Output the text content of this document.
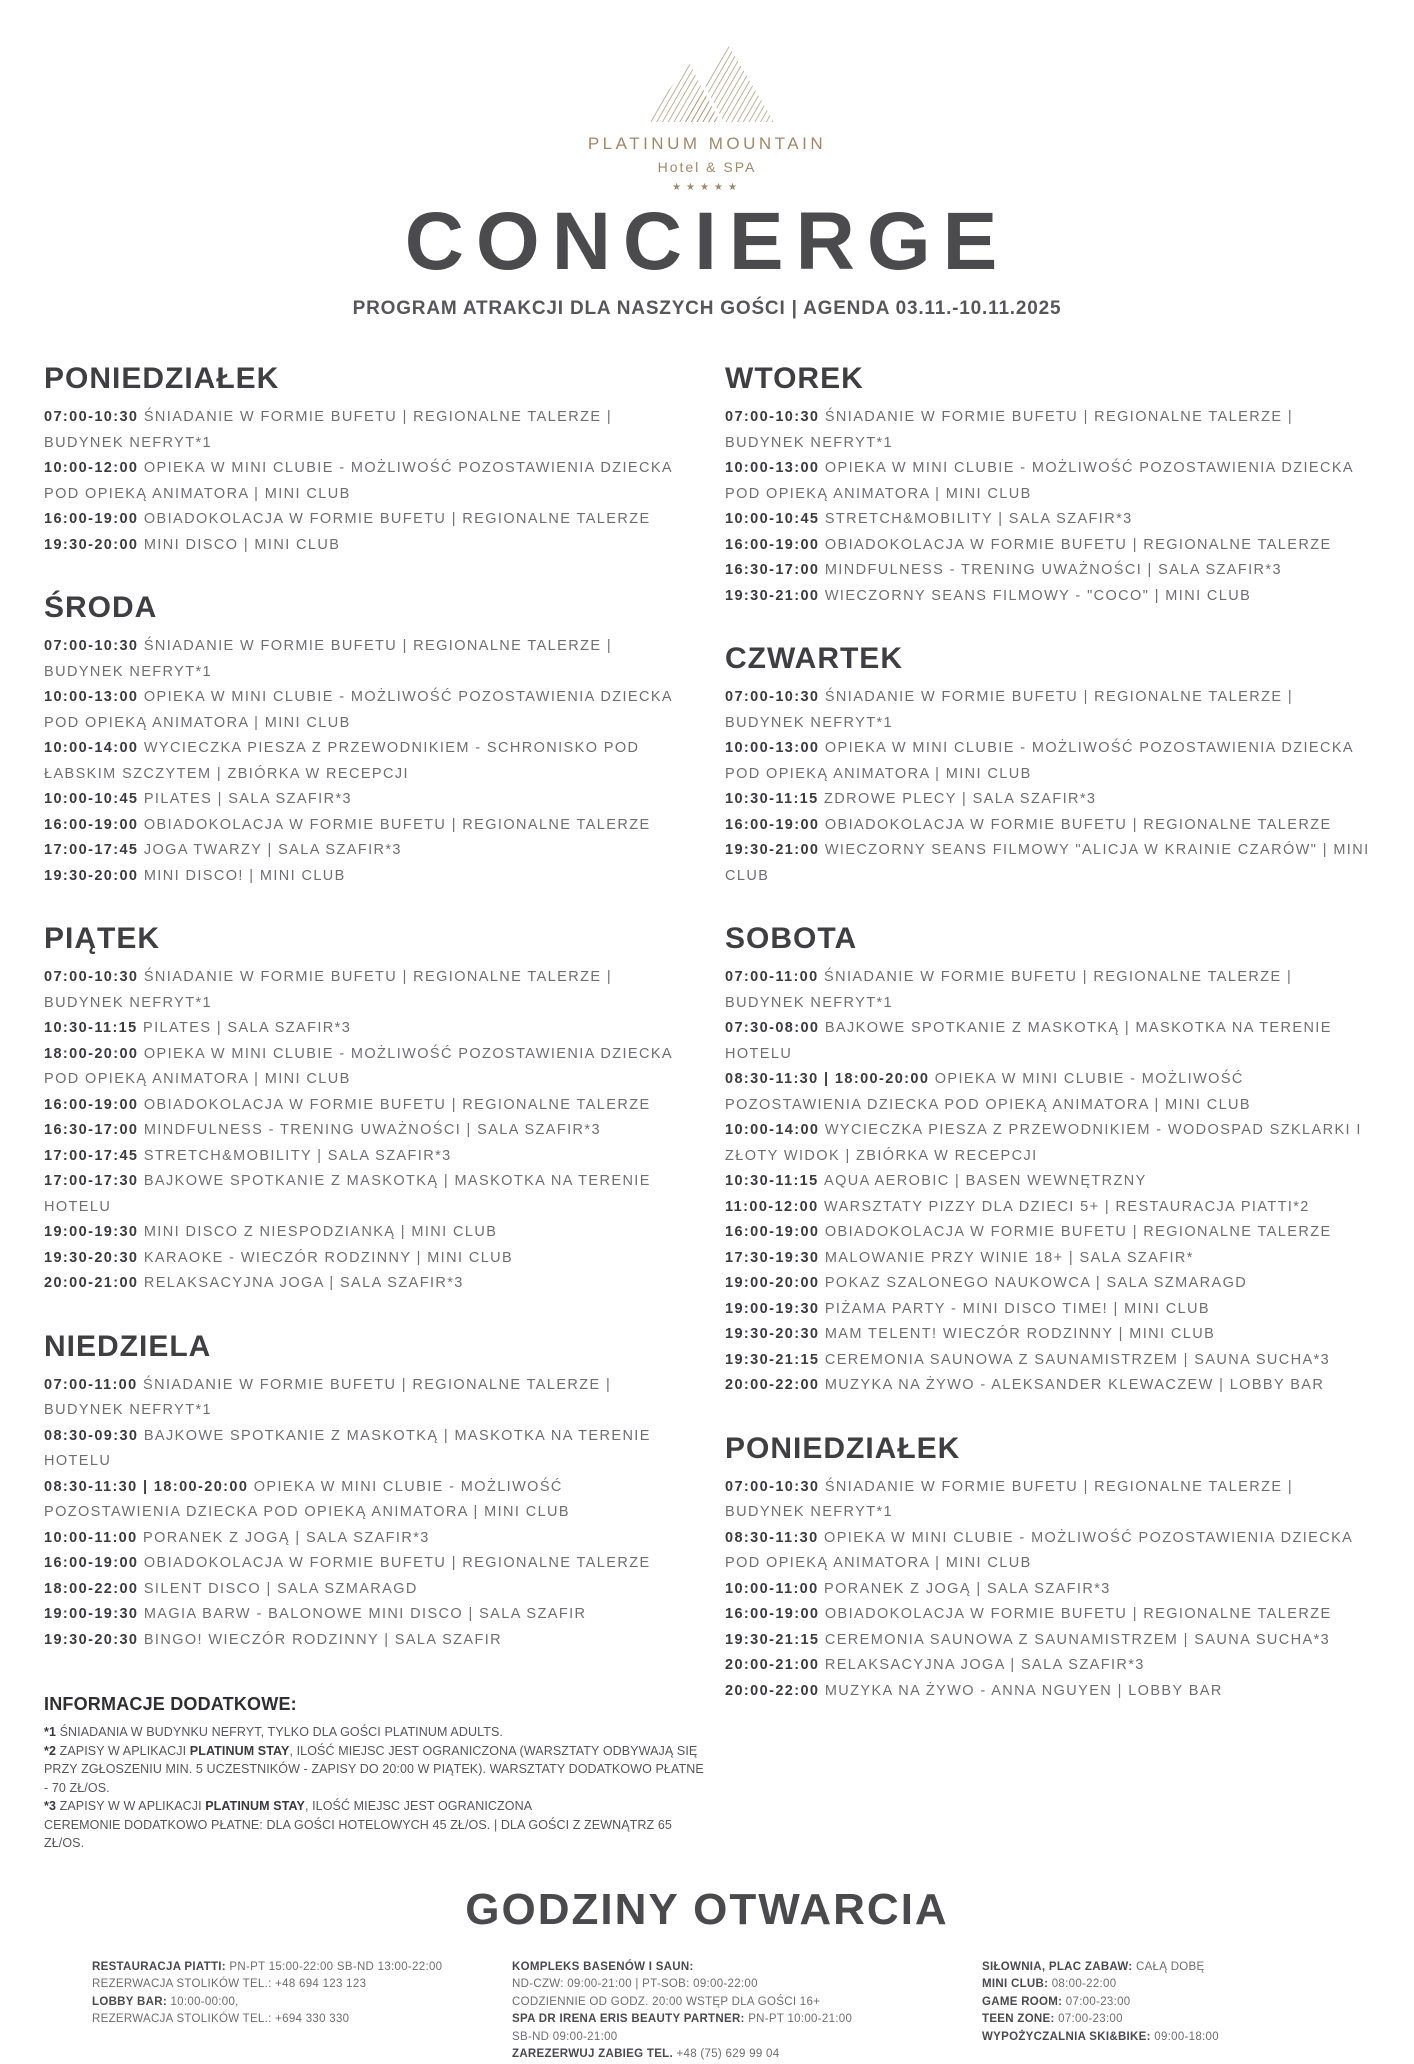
PLATINUM MOUNTAIN
Hotel & SPA
★★★★★
CONCIERGE

PROGRAM ATRAKCJI DLA NASZYCH GOŚCI | AGENDA 03.11.-10.11.2025

PONIEDZIAŁEK

07:00-10:30 ŚNIADANIE W FORMIE BUFETU | REGIONALNE TALERZE | BUDYNEK NEFRYT*1

10:00-12:00 OPIEKA W MINI CLUBIE - MOŻLIWOŚĆ POZOSTAWIENIA DZIECKA POD OPIEKĄ ANIMATORA | MINI CLUB

16:00-19:00 OBIADOKOLACJA W FORMIE BUFETU | REGIONALNE TALERZE

19:30-20:00 MINI DISCO | MINI CLUB

ŚRODA

07:00-10:30 ŚNIADANIE W FORMIE BUFETU | REGIONALNE TALERZE | BUDYNEK NEFRYT*1

10:00-13:00 OPIEKA W MINI CLUBIE - MOŻLIWOŚĆ POZOSTAWIENIA DZIECKA POD OPIEKĄ ANIMATORA | MINI CLUB

10:00-14:00 WYCIECZKA PIESZA Z PRZEWODNIKIEM - SCHRONISKO POD ŁABSKIM SZCZYTEM | ZBIÓRKA W RECEPCJI

10:00-10:45 PILATES | SALA SZAFIR*3

16:00-19:00 OBIADOKOLACJA W FORMIE BUFETU | REGIONALNE TALERZE

17:00-17:45 JOGA TWARZY | SALA SZAFIR*3

19:30-20:00 MINI DISCO! | MINI CLUB

PIĄTEK

07:00-10:30 ŚNIADANIE W FORMIE BUFETU | REGIONALNE TALERZE | BUDYNEK NEFRYT*1

10:30-11:15 PILATES | SALA SZAFIR*3

18:00-20:00 OPIEKA W MINI CLUBIE - MOŻLIWOŚĆ POZOSTAWIENIA DZIECKA POD OPIEKĄ ANIMATORA | MINI CLUB

16:00-19:00 OBIADOKOLACJA W FORMIE BUFETU | REGIONALNE TALERZE

16:30-17:00 MINDFULNESS - TRENING UWAŻNOŚCI | SALA SZAFIR*3

17:00-17:45 STRETCH&MOBILITY | SALA SZAFIR*3

17:00-17:30 BAJKOWE SPOTKANIE Z MASKOTKĄ | MASKOTKA NA TERENIE HOTELU

19:00-19:30 MINI DISCO Z NIESPODZIANKĄ | MINI CLUB

19:30-20:30 KARAOKE - WIECZÓR RODZINNY | MINI CLUB

20:00-21:00 RELAKSACYJNA JOGA | SALA SZAFIR*3

NIEDZIELA

07:00-11:00 ŚNIADANIE W FORMIE BUFETU | REGIONALNE TALERZE | BUDYNEK NEFRYT*1

08:30-09:30 BAJKOWE SPOTKANIE Z MASKOTKĄ | MASKOTKA NA TERENIE HOTELU

08:30-11:30 | 18:00-20:00 OPIEKA W MINI CLUBIE - MOŻLIWOŚĆ POZOSTAWIENIA DZIECKA POD OPIEKĄ ANIMATORA | MINI CLUB

10:00-11:00 PORANEK Z JOGĄ | SALA SZAFIR*3

16:00-19:00 OBIADOKOLACJA W FORMIE BUFETU | REGIONALNE TALERZE

18:00-22:00 SILENT DISCO | SALA SZMARAGD

19:00-19:30 MAGIA BARW - BALONOWE MINI DISCO | SALA SZAFIR

19:30-20:30 BINGO! WIECZÓR RODZINNY | SALA SZAFIR

WTOREK

07:00-10:30 ŚNIADANIE W FORMIE BUFETU | REGIONALNE TALERZE | BUDYNEK NEFRYT*1

10:00-13:00 OPIEKA W MINI CLUBIE - MOŻLIWOŚĆ POZOSTAWIENIA DZIECKA POD OPIEKĄ ANIMATORA | MINI CLUB

10:00-10:45 STRETCH&MOBILITY | SALA SZAFIR*3

16:00-19:00 OBIADOKOLACJA W FORMIE BUFETU | REGIONALNE TALERZE

16:30-17:00 MINDFULNESS - TRENING UWAŻNOŚCI | SALA SZAFIR*3

19:30-21:00 WIECZORNY SEANS FILMOWY - "COCO" | MINI CLUB

CZWARTEK

07:00-10:30 ŚNIADANIE W FORMIE BUFETU | REGIONALNE TALERZE | BUDYNEK NEFRYT*1

10:00-13:00 OPIEKA W MINI CLUBIE - MOŻLIWOŚĆ POZOSTAWIENIA DZIECKA POD OPIEKĄ ANIMATORA | MINI CLUB

10:30-11:15 ZDROWE PLECY | SALA SZAFIR*3

16:00-19:00 OBIADOKOLACJA W FORMIE BUFETU | REGIONALNE TALERZE

19:30-21:00 WIECZORNY SEANS FILMOWY "ALICJA W KRAINIE CZARÓW" | MINI CLUB

SOBOTA

07:00-11:00 ŚNIADANIE W FORMIE BUFETU | REGIONALNE TALERZE | BUDYNEK NEFRYT*1

07:30-08:00 BAJKOWE SPOTKANIE Z MASKOTKĄ | MASKOTKA NA TERENIE HOTELU

08:30-11:30 | 18:00-20:00 OPIEKA W MINI CLUBIE - MOŻLIWOŚĆ POZOSTAWIENIA DZIECKA POD OPIEKĄ ANIMATORA | MINI CLUB

10:00-14:00 WYCIECZKA PIESZA Z PRZEWODNIKIEM - WODOSPAD SZKLARKI I ZŁOTY WIDOK | ZBIÓRKA W RECEPCJI

10:30-11:15 AQUA AEROBIC | BASEN WEWNĘTRZNY

11:00-12:00 WARSZTATY PIZZY DLA DZIECI 5+ | RESTAURACJA PIATTI*2

16:00-19:00 OBIADOKOLACJA W FORMIE BUFETU | REGIONALNE TALERZE

17:30-19:30 MALOWANIE PRZY WINIE 18+ | SALA SZAFIR*

19:00-20:00 POKAZ SZALONEGO NAUKOWCA | SALA SZMARAGD

19:00-19:30 PIŻAMA PARTY - MINI DISCO TIME! | MINI CLUB

19:30-20:30 MAM TELENT! WIECZÓR RODZINNY | MINI CLUB

19:30-21:15 CEREMONIA SAUNOWA Z SAUNAMISTRZEM | SAUNA SUCHA*3

20:00-22:00 MUZYKA NA ŻYWO - ALEKSANDER KLEWACZEW | LOBBY BAR

PONIEDZIAŁEK

07:00-10:30 ŚNIADANIE W FORMIE BUFETU | REGIONALNE TALERZE | BUDYNEK NEFRYT*1

08:30-11:30 OPIEKA W MINI CLUBIE - MOŻLIWOŚĆ POZOSTAWIENIA DZIECKA POD OPIEKĄ ANIMATORA | MINI CLUB

10:00-11:00 PORANEK Z JOGĄ | SALA SZAFIR*3

16:00-19:00 OBIADOKOLACJA W FORMIE BUFETU | REGIONALNE TALERZE

19:30-21:15 CEREMONIA SAUNOWA Z SAUNAMISTRZEM | SAUNA SUCHA*3

20:00-21:00 RELAKSACYJNA JOGA | SALA SZAFIR*3

20:00-22:00 MUZYKA NA ŻYWO - ANNA NGUYEN | LOBBY BAR

INFORMACJE DODATKOWE:

*1 ŚNIADANIA W BUDYNKU NEFRYT, TYLKO DLA GOŚCI PLATINUM ADULTS.

*2 ZAPISY W APLIKACJI PLATINUM STAY, ILOŚĆ MIEJSC JEST OGRANICZONA (WARSZTATY ODBYWAJĄ SIĘ PRZY ZGŁOSZENIU MIN. 5 UCZESTNIKÓW - ZAPISY DO 20:00 W PIĄTEK). WARSZTATY DODATKOWO PŁATNE - 70 ZŁ/OS.

*3 ZAPISY W W APLIKACJI PLATINUM STAY, ILOŚĆ MIEJSC JEST OGRANICZONA

CEREMONIE DODATKOWO PŁATNE: DLA GOŚCI HOTELOWYCH 45 ZŁ/OS. | DLA GOŚCI Z ZEWNĄTRZ 65 ZŁ/OS.

GODZINY OTWARCIA

RESTAURACJA PIATTI: PN-PT 15:00-22:00 SB-ND 13:00-22:00

REZERWACJA STOLIKÓW TEL.: +48 694 123 123

LOBBY BAR: 10:00-00:00,

REZERWACJA STOLIKÓW TEL.: +694 330 330

KOMPLEKS BASENÓW I SAUN:

ND-CZW: 09:00-21:00 | PT-SOB: 09:00-22:00

CODZIENNIE OD GODZ. 20:00 WSTĘP DLA GOŚCI 16+

SPA DR IRENA ERIS BEAUTY PARTNER: PN-PT 10:00-21:00

SB-ND 09:00-21:00

ZAREZERWUJ ZABIEG TEL. +48 (75) 629 99 04

SIŁOWNIA, PLAC ZABAW: CAŁĄ DOBĘ

MINI CLUB: 08:00-22:00

GAME ROOM: 07:00-23:00

TEEN ZONE: 07:00-23:00

WYPOŻYCZALNIA SKI&BIKE: 09:00-18:00
